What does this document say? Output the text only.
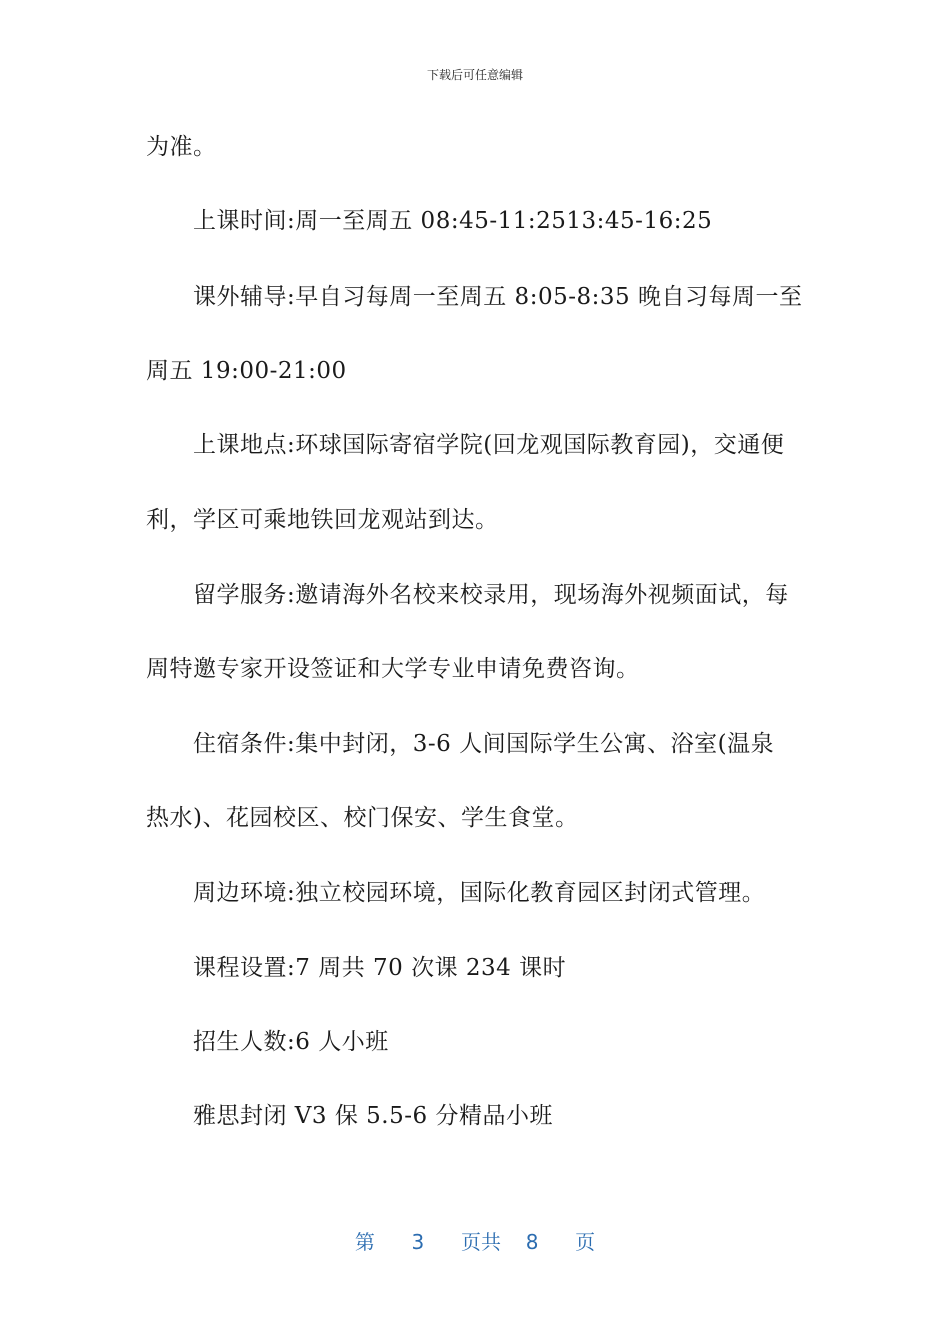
下载后可任意编辑
为准。
上课时间:周一至周五 08:45-11:2513:45-16:25
课外辅导:早自习每周一至周五 8:05-8:35 晚自习每周一至
周五 19:00-21:00
上课地点:环球国际寄宿学院(回龙观国际教育园)，交通便
利，学区可乘地铁回龙观站到达。
留学服务:邀请海外名校来校录用，现场海外视频面试，每
周特邀专家开设签证和大学专业申请免费咨询。
住宿条件:集中封闭，3-6 人间国际学生公寓、浴室(温泉
热水)、花园校区、校门保安、学生食堂。
周边环境:独立校园环境，国际化教育园区封闭式管理。
课程设置:7 周共 70 次课 234 课时
招生人数:6 人小班
雅思封闭 V3 保 5.5-6 分精品小班
第 3 页共 8 页
